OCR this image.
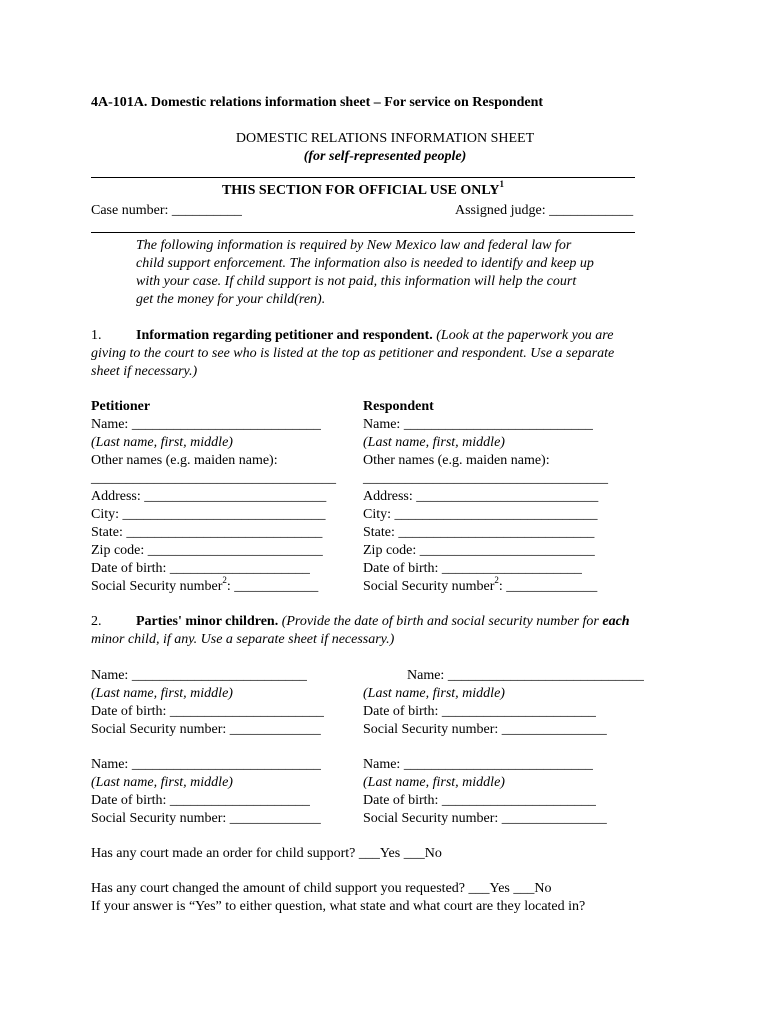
4A-101A. Domestic relations information sheet – For service on Respondent
DOMESTIC RELATIONS INFORMATION SHEET
(for self-represented people)
THIS SECTION FOR OFFICIAL USE ONLY$^1$
Case number: __________	Assigned judge: ____________
The following information is required by New Mexico law and federal law for
child support enforcement. The information also is needed to identify and keep up
with your case. If child support is not paid, this information will help the court
get the money for your child(ren).
1. Information regarding petitioner and respondent. (Look at the paperwork you are
giving to the court to see who is listed at the top as petitioner and respondent. Use a separate
sheet if necessary.)
Petitioner
Name: ___________________________
(Last name, first, middle)
Other names (e.g. maiden name):
___________________________________
Address: __________________________
City: _____________________________
State: ____________________________
Zip code: _________________________
Date of birth: ____________________
Social Security number$^2$: ____________
Respondent
Name: ___________________________
(Last name, first, middle)
Other names (e.g. maiden name):
___________________________________
Address: __________________________
City: _____________________________
State: ____________________________
Zip code: _________________________
Date of birth: ____________________
Social Security number$^2$: _____________
2. Parties' minor children. (Provide the date of birth and social security number for each
minor child, if any. Use a separate sheet if necessary.)
Name: _________________________
(Last name, first, middle)
Date of birth: ______________________
Social Security number: _____________
Name: ____________________________
(Last name, first, middle)
Date of birth: ______________________
Social Security number: _______________
Name: ___________________________
(Last name, first, middle)
Date of birth: ____________________
Social Security number: _____________
Name: ___________________________
(Last name, first, middle)
Date of birth: ______________________
Social Security number: _______________
Has any court made an order for child support? ___Yes ___No
Has any court changed the amount of child support you requested? ___Yes ___No
If your answer is “Yes” to either question, what state and what court are they located in?
